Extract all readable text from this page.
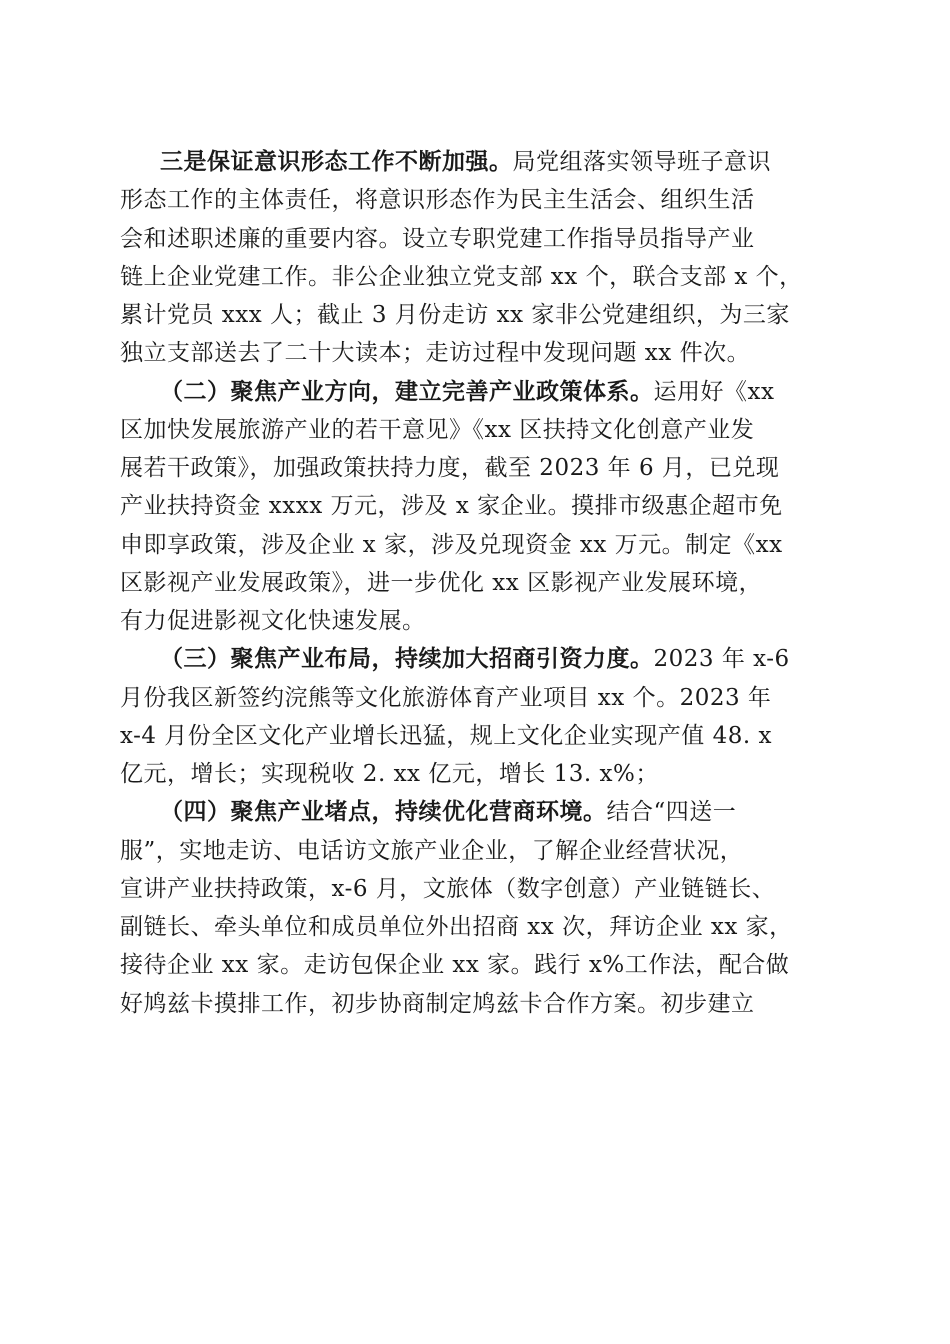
三是保证意识形态工作不断加强。局党组落实领导班子意识
形态工作的主体责任，将意识形态作为民主生活会、组织生活
会和述职述廉的重要内容。设立专职党建工作指导员指导产业
链上企业党建工作。非公企业独立党支部 xx 个，联合支部 x 个，
累计党员 xxx 人；截止 3 月份走访 xx 家非公党建组织，为三家
独立支部送去了二十大读本；走访过程中发现问题 xx 件次。
（二）聚焦产业方向，建立完善产业政策体系。运用好《xx
区加快发展旅游产业的若干意见》《xx 区扶持文化创意产业发
展若干政策》，加强政策扶持力度，截至 2023 年 6 月，已兑现
产业扶持资金 xxxx 万元，涉及 x 家企业。摸排市级惠企超市免
申即享政策，涉及企业 x 家，涉及兑现资金 xx 万元。制定《xx
区影视产业发展政策》，进一步优化 xx 区影视产业发展环境，
有力促进影视文化快速发展。
（三）聚焦产业布局，持续加大招商引资力度。2023 年 x-6
月份我区新签约浣熊等文化旅游体育产业项目 xx 个。2023 年
x-4 月份全区文化产业增长迅猛，规上文化企业实现产值 48. x
亿元，增长；实现税收 2. xx 亿元，增长 13. x%；
（四）聚焦产业堵点，持续优化营商环境。结合“四送一
服”，实地走访、电话访文旅产业企业，了解企业经营状况，
宣讲产业扶持政策，x-6 月，文旅体（数字创意）产业链链长、
副链长、牵头单位和成员单位外出招商 xx 次，拜访企业 xx 家，
接待企业 xx 家。走访包保企业 xx 家。践行 x%工作法，配合做
好鸠兹卡摸排工作，初步协商制定鸠兹卡合作方案。初步建立
